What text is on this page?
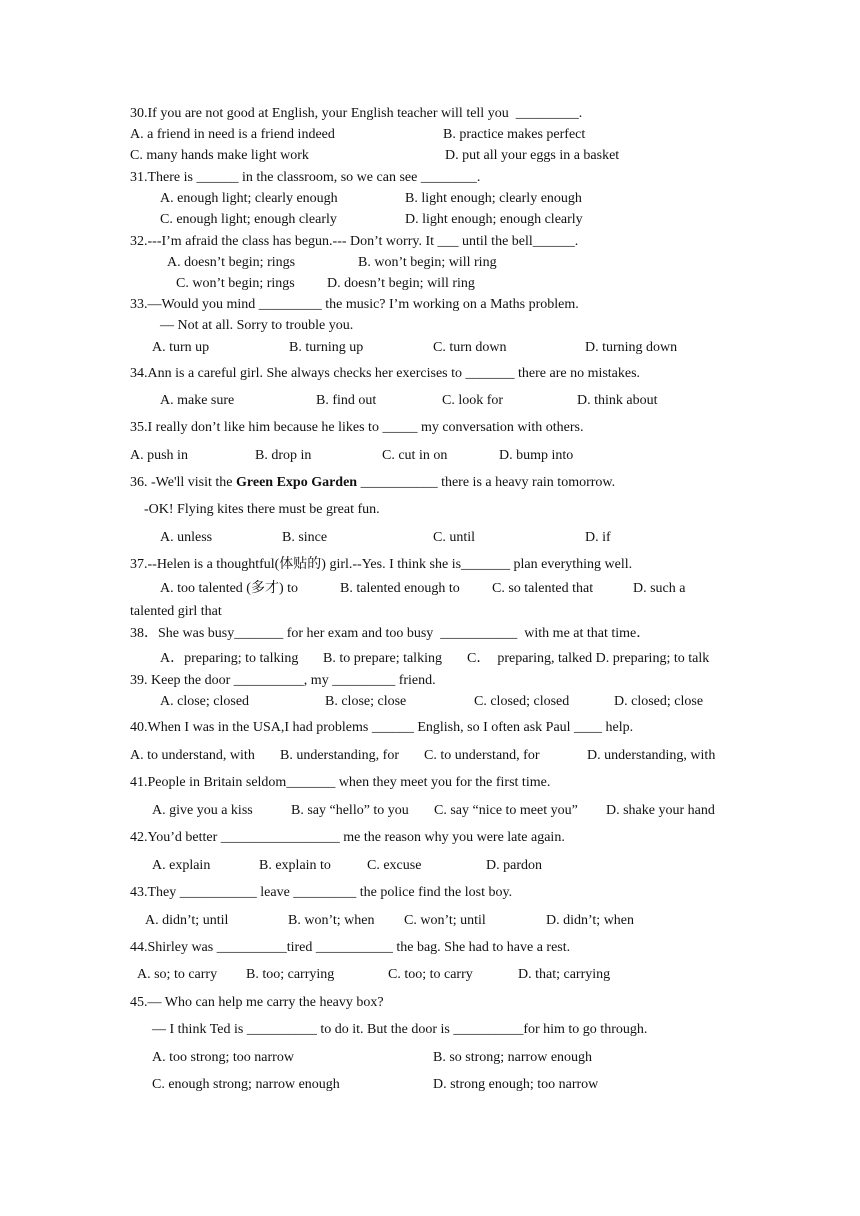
30.If you are not good at English, your English teacher will tell you  _________.
A. a friend in need is a friend indeed	B. practice makes perfect
C. many hands make light work	D. put all your eggs in a basket
31.There is ______ in the classroom, so we can see ________.
A. enough light; clearly enough	B. light enough; clearly enough
C. enough light; enough clearly	D. light enough; enough clearly
32.---I’m afraid the class has begun.--- Don’t worry. It ___ until the bell______.
A. doesn’t begin; rings	B. won’t begin; will ring
C. won’t begin; rings D. doesn’t begin; will ring
33.—Would you mind _________ the music? I’m working on a Maths problem.
— Not at all. Sorry to trouble you.
A. turn up	B. turning up	C. turn down	D. turning down
34.Ann is a careful girl. She always checks her exercises to _______ there are no mistakes.
A. make sure	B. find out	C. look for	D. think about
35.I really don’t like him because he likes to _____ my conversation with others.
A. push in	B. drop in	C. cut in on	D. bump into
36. -We'll visit the Green Expo Garden ___________ there is a heavy rain tomorrow.
-OK! Flying kites there must be great fun.
A. unless	B. since	C. until	D. if
37.--Helen is a thoughtful(体贴的) girl.--Yes. I think she is_______ plan everything well.
A. too talented (多才) to	B. talented enough to C. so talented that	D. such a
talented girl that
38．She was busy_______ for her exam and too busy  ___________  with me at that time．
A．preparing; to talking B. to prepare; talking C．  preparing, talked D. preparing; to talk
39. Keep the door __________, my _________ friend.
A. close; closed	B. close; close	C. closed; closed	D. closed; close
40.When I was in the USA,I had problems ______ English, so I often ask Paul ____ help.
A. to understand, with B. understanding, for C. to understand, for	D. understanding, with
41.People in Britain seldom_______ when they meet you for the first time.
A. give you a kiss	B. say “hello” to you C. say “nice to meet you” D. shake your hand
42.You’d better _________________ me the reason why you were late again.
A. explain	B. explain to	C. excuse	D. pardon
43.They ___________ leave _________ the police find the lost boy.
A. didn’t; until	B. won’t; when C. won’t; until	D. didn’t; when
44.Shirley was __________tired ___________ the bag. She had to have a rest.
A. so; to carry B. too; carrying	C. too; to carry	D. that; carrying
45.— Who can help me carry the heavy box?
— I think Ted is __________ to do it. But the door is __________for him to go through.
A. too strong; too narrow	B. so strong; narrow enough
C. enough strong; narrow enough	D. strong enough; too narrow
